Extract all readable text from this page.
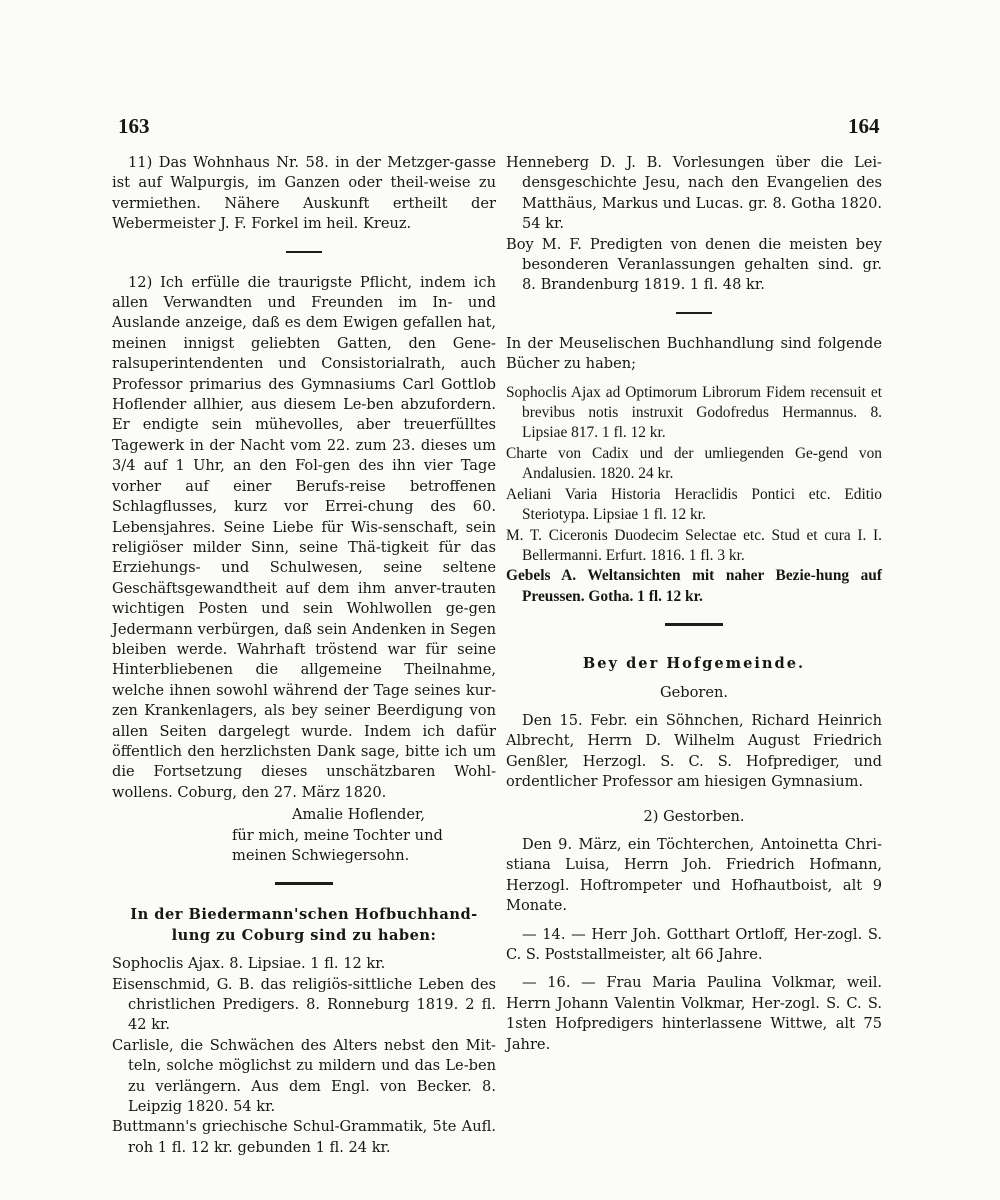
163	164

11) Das Wohnhaus Nr. 58. in der Metzger-gasse ist auf Walpurgis, im Ganzen oder theil-weise zu vermiethen. Nähere Auskunft ertheilt der Webermeister J. F. Forkel im heil. Kreuz.

12) Ich erfülle die traurigste Pflicht, indem ich allen Verwandten und Freunden im In- und Auslande anzeige, daß es dem Ewigen gefallen hat, meinen innigst geliebten Gatten, den Gene-ralsuperintendenten und Consistorialrath, auch Professor primarius des Gymnasiums Carl Gottlob Hoflender allhier, aus diesem Le-ben abzufordern. Er endigte sein mühevolles, aber treuerfülltes Tagewerk in der Nacht vom 22. zum 23. dieses um 3/4 auf 1 Uhr, an den Fol-gen des ihn vier Tage vorher auf einer Berufs-reise betroffenen Schlagflusses, kurz vor Errei-chung des 60. Lebensjahres. Seine Liebe für Wis-senschaft, sein religiöser milder Sinn, seine Thä-tigkeit für das Erziehungs- und Schulwesen, seine seltene Geschäftsgewandtheit auf dem ihm anver-trauten wichtigen Posten und sein Wohlwollen ge-gen Jedermann verbürgen, daß sein Andenken in Segen bleiben werde. Wahrhaft tröstend war für seine Hinterbliebenen die allgemeine Theilnahme, welche ihnen sowohl während der Tage seines kur-zen Krankenlagers, als bey seiner Beerdigung von allen Seiten dargelegt wurde. Indem ich dafür öffentlich den herzlichsten Dank sage, bitte ich um die Fortsetzung dieses unschätzbaren Wohl-wollens. Coburg, den 27. März 1820.

Amalie Hoflender,
für mich, meine Tochter und
meinen Schwiegersohn.

In der Biedermann'schen Hofbuchhand-lung zu Coburg sind zu haben:

Sophoclis Ajax. 8. Lipsiae. 1 fl. 12 kr.

Eisenschmid, G. B. das religiös-sittliche Leben des christlichen Predigers. 8. Ronneburg 1819. 2 fl. 42 kr.

Carlisle, die Schwächen des Alters nebst den Mit-teln, solche möglichst zu mildern und das Le-ben zu verlängern. Aus dem Engl. von Becker. 8. Leipzig 1820. 54 kr.

Buttmann's griechische Schul-Grammatik, 5te Aufl. roh 1 fl. 12 kr. gebunden 1 fl. 24 kr.

Henneberg D. J. B. Vorlesungen über die Lei-densgeschichte Jesu, nach den Evangelien des Matthäus, Markus und Lucas. gr. 8. Gotha 1820. 54 kr.

Boy M. F. Predigten von denen die meisten bey besonderen Veranlassungen gehalten sind. gr. 8. Brandenburg 1819. 1 fl. 48 kr.

In der Meuselischen Buchhandlung sind folgende Bücher zu haben;

Sophoclis Ajax ad Optimorum Librorum Fidem recensuit et brevibus notis instruxit Godofredus Hermannus. 8. Lipsiae 817. 1 fl. 12 kr.

Charte von Cadix und der umliegenden Ge-gend von Andalusien. 1820. 24 kr.

Aeliani Varia Historia Heraclidis Pontici etc. Editio Steriotypa. Lipsiae 1 fl. 12 kr.

M. T. Ciceronis Duodecim Selectae etc. Stud et cura I. I. Bellermanni. Erfurt. 1816. 1 fl. 3 kr.

Gebels A. Weltansichten mit naher Bezie-hung auf Preussen. Gotha. 1 fl. 12 kr.

Bey der Hofgemeinde.

Geboren.

Den 15. Febr. ein Söhnchen, Richard Heinrich Albrecht, Herrn D. Wilhelm August Friedrich Genßler, Herzogl. S. C. S. Hofprediger, und ordentlicher Professor am hiesigen Gymnasium.

2) Gestorben.

Den 9. März, ein Töchterchen, Antoinetta Chri-stiana Luisa, Herrn Joh. Friedrich Hofmann, Herzogl. Hoftrompeter und Hofhautboist, alt 9 Monate.

— 14. — Herr Joh. Gotthart Ortloff, Her-zogl. S. C. S. Poststallmeister, alt 66 Jahre.

— 16. — Frau Maria Paulina Volkmar, weil. Herrn Johann Valentin Volkmar, Her-zogl. S. C. S. 1sten Hofpredigers hinterlassene Wittwe, alt 75 Jahre.
